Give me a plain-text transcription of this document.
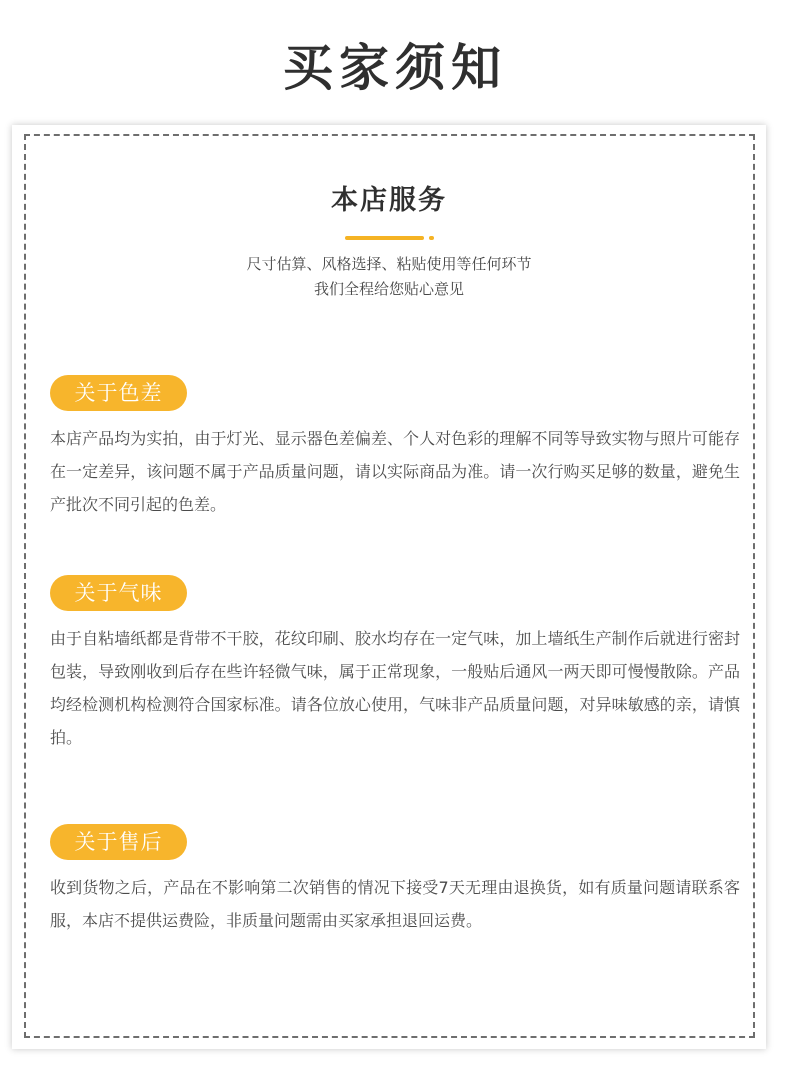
买家须知
本店服务
尺寸估算、风格选择、粘贴使用等任何环节
我们全程给您贴心意见
关于色差
本店产品均为实拍，由于灯光、显示器色差偏差、个人对色彩的理解不同等导致实物与照片可能存在一定差异，该问题不属于产品质量问题，请以实际商品为准。请一次行购买足够的数量，避免生产批次不同引起的色差。
关于气味
由于自粘墙纸都是背带不干胶，花纹印刷、胶水均存在一定气味，加上墙纸生产制作后就进行密封包装，导致刚收到后存在些许轻微气味，属于正常现象，一般贴后通风一两天即可慢慢散除。产品均经检测机构检测符合国家标准。请各位放心使用，气味非产品质量问题，对异味敏感的亲，请慎拍。
关于售后
收到货物之后，产品在不影响第二次销售的情况下接受7天无理由退换货，如有质量问题请联系客服，本店不提供运费险，非质量问题需由买家承担退回运费。
